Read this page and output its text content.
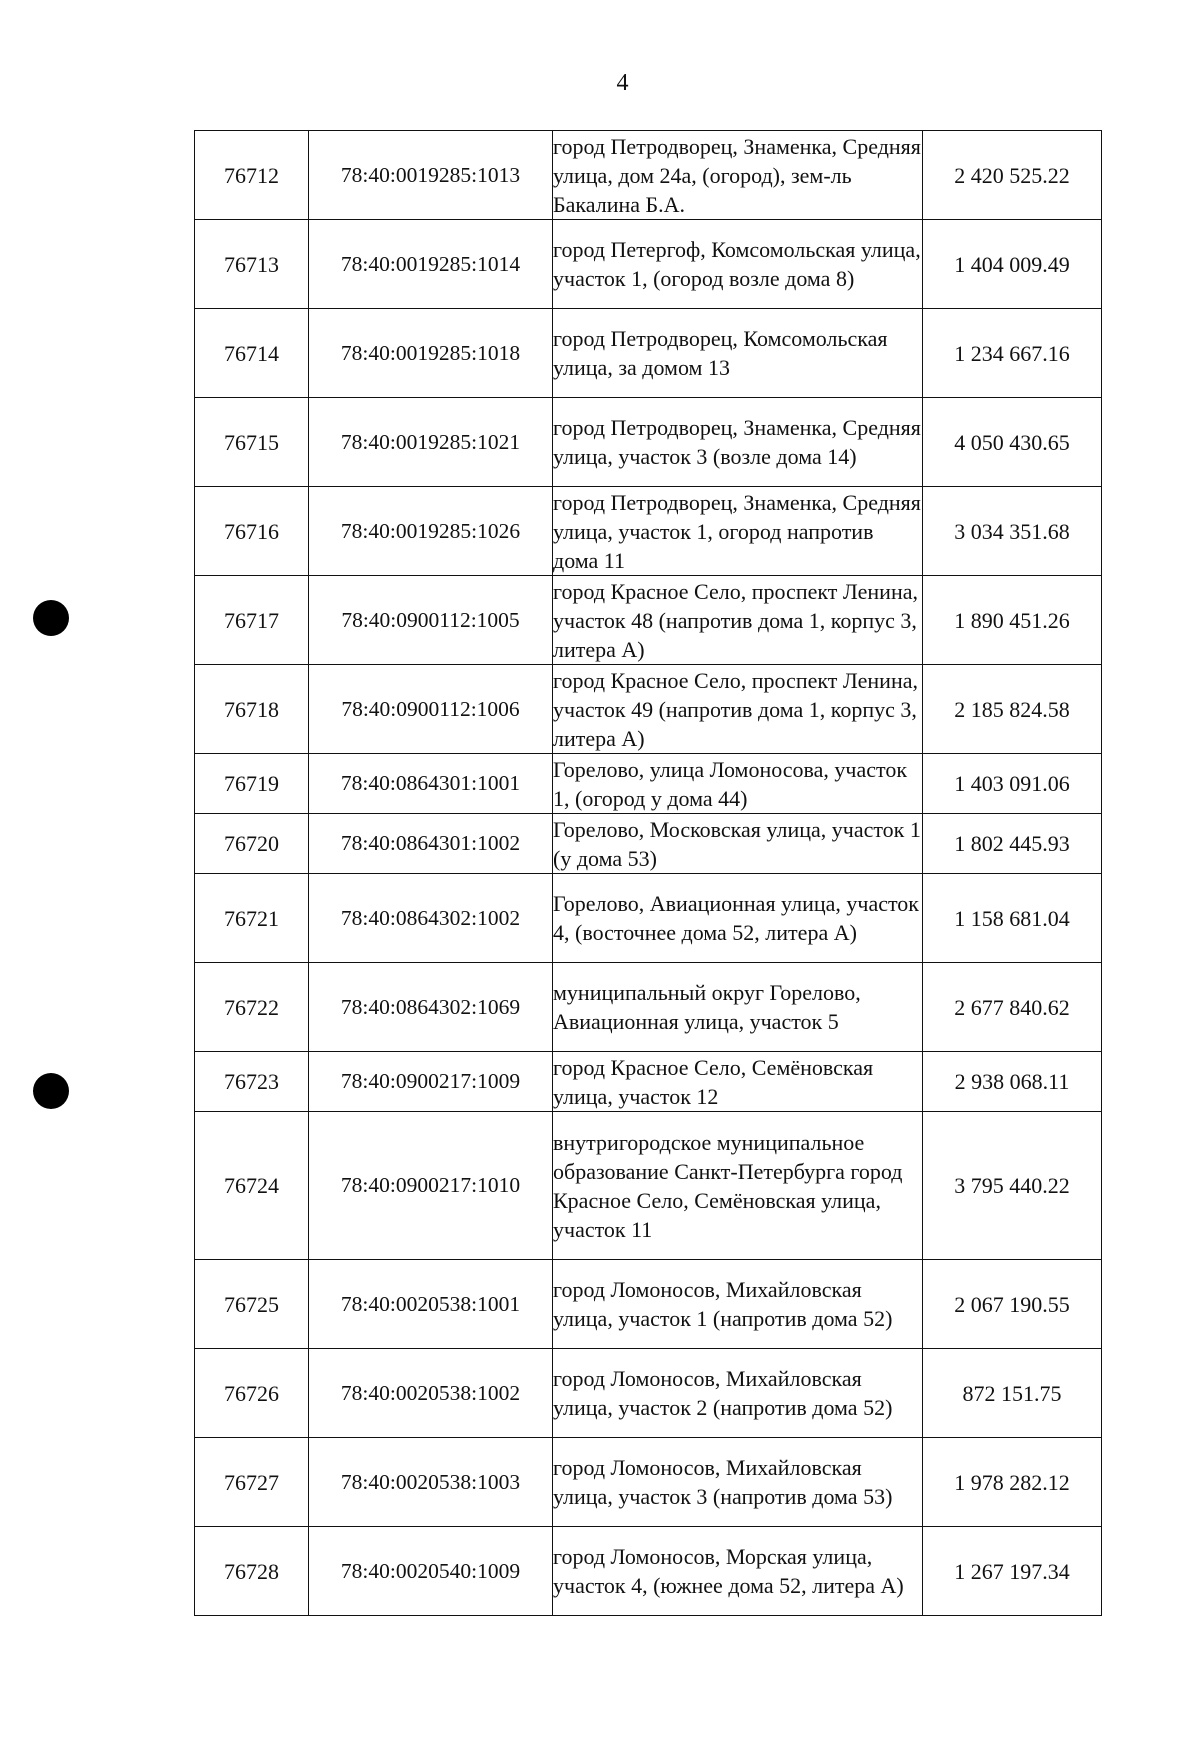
4
76712	78:40:0019285:1013	город Петродворец, Знаменка, Средняя улица, дом 24а, (огород), зем-ль Бакалина Б.А.	2 420 525.22
76713	78:40:0019285:1014	город Петергоф, Комсомольская улица, участок 1, (огород возле дома 8)	1 404 009.49
76714	78:40:0019285:1018	город Петродворец, Комсомольская улица, за домом 13	1 234 667.16
76715	78:40:0019285:1021	город Петродворец, Знаменка, Средняя улица, участок 3 (возле дома 14)	4 050 430.65
76716	78:40:0019285:1026	город Петродворец, Знаменка, Средняя улица, участок 1, огород напротив дома 11	3 034 351.68
76717	78:40:0900112:1005	город Красное Село, проспект Ленина, участок 48 (напротив дома 1, корпус 3, литера А)	1 890 451.26
76718	78:40:0900112:1006	город Красное Село, проспект Ленина, участок 49 (напротив дома 1, корпус 3, литера А)	2 185 824.58
76719	78:40:0864301:1001	Горелово, улица Ломоносова, участок 1, (огород у дома 44)	1 403 091.06
76720	78:40:0864301:1002	Горелово, Московская улица, участок 1 (у дома 53)	1 802 445.93
76721	78:40:0864302:1002	Горелово, Авиационная улица, участок 4, (восточнее дома 52, литера А)	1 158 681.04
76722	78:40:0864302:1069	муниципальный округ Горелово, Авиационная улица, участок 5	2 677 840.62
76723	78:40:0900217:1009	город Красное Село, Семёновская улица, участок 12	2 938 068.11
76724	78:40:0900217:1010	внутригородское муниципальное образование Санкт-Петербурга город Красное Село, Семёновская улица, участок 11	3 795 440.22
76725	78:40:0020538:1001	город Ломоносов, Михайловская улица, участок 1 (напротив дома 52)	2 067 190.55
76726	78:40:0020538:1002	город Ломоносов, Михайловская улица, участок 2 (напротив дома 52)	872 151.75
76727	78:40:0020538:1003	город Ломоносов, Михайловская улица, участок 3 (напротив дома 53)	1 978 282.12
76728	78:40:0020540:1009	город Ломоносов, Морская улица, участок 4, (южнее дома 52, литера А)	1 267 197.34
